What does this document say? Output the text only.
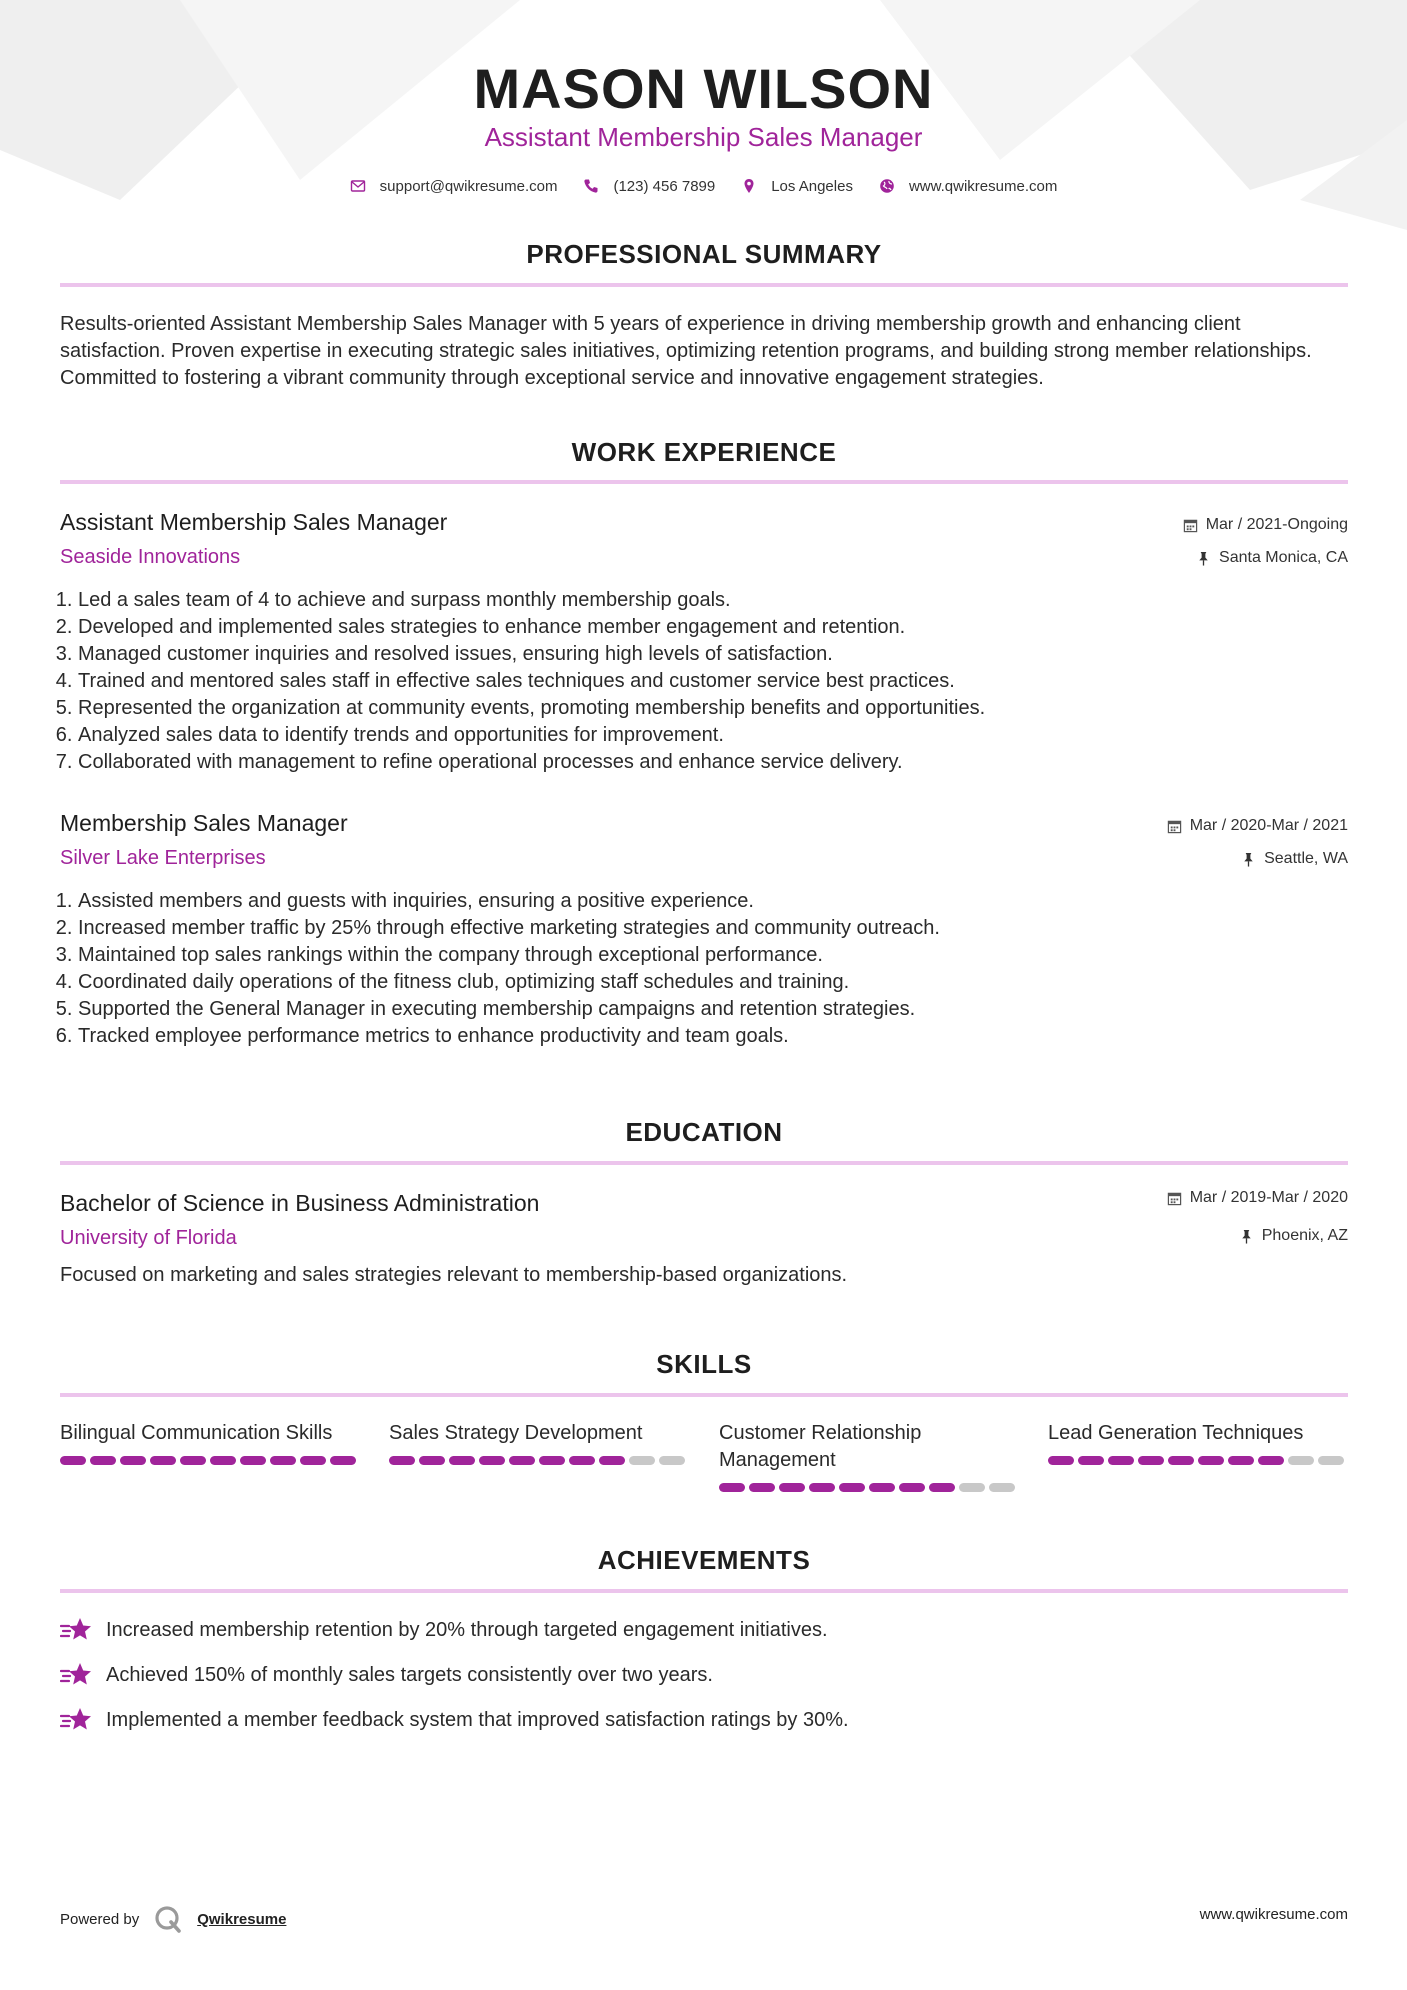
MASON WILSON
Assistant Membership Sales Manager
support@qwikresume.com	(123) 456 7899	Los Angeles	www.qwikresume.com
PROFESSIONAL SUMMARY
Results-oriented Assistant Membership Sales Manager with 5 years of experience in driving membership growth and enhancing client satisfaction. Proven expertise in executing strategic sales initiatives, optimizing retention programs, and building strong member relationships. Committed to fostering a vibrant community through exceptional service and innovative engagement strategies.
WORK EXPERIENCE
Assistant Membership Sales Manager
Seaside Innovations
Mar / 2021-Ongoing
Santa Monica, CA
1. Led a sales team of 4 to achieve and surpass monthly membership goals.
2. Developed and implemented sales strategies to enhance member engagement and retention.
3. Managed customer inquiries and resolved issues, ensuring high levels of satisfaction.
4. Trained and mentored sales staff in effective sales techniques and customer service best practices.
5. Represented the organization at community events, promoting membership benefits and opportunities.
6. Analyzed sales data to identify trends and opportunities for improvement.
7. Collaborated with management to refine operational processes and enhance service delivery.
Membership Sales Manager
Silver Lake Enterprises
Mar / 2020-Mar / 2021
Seattle, WA
1. Assisted members and guests with inquiries, ensuring a positive experience.
2. Increased member traffic by 25% through effective marketing strategies and community outreach.
3. Maintained top sales rankings within the company through exceptional performance.
4. Coordinated daily operations of the fitness club, optimizing staff schedules and training.
5. Supported the General Manager in executing membership campaigns and retention strategies.
6. Tracked employee performance metrics to enhance productivity and team goals.
EDUCATION
Bachelor of Science in Business Administration
University of Florida
Mar / 2019-Mar / 2020
Phoenix, AZ
Focused on marketing and sales strategies relevant to membership-based organizations.
SKILLS
Bilingual Communication Skills	Sales Strategy Development	Customer Relationship Management
Lead Generation Techniques
ACHIEVEMENTS
Increased membership retention by 20% through targeted engagement initiatives.
Achieved 150% of monthly sales targets consistently over two years.
Implemented a member feedback system that improved satisfaction ratings by 30%.
Powered by	Qwikresume	www.qwikresume.com
